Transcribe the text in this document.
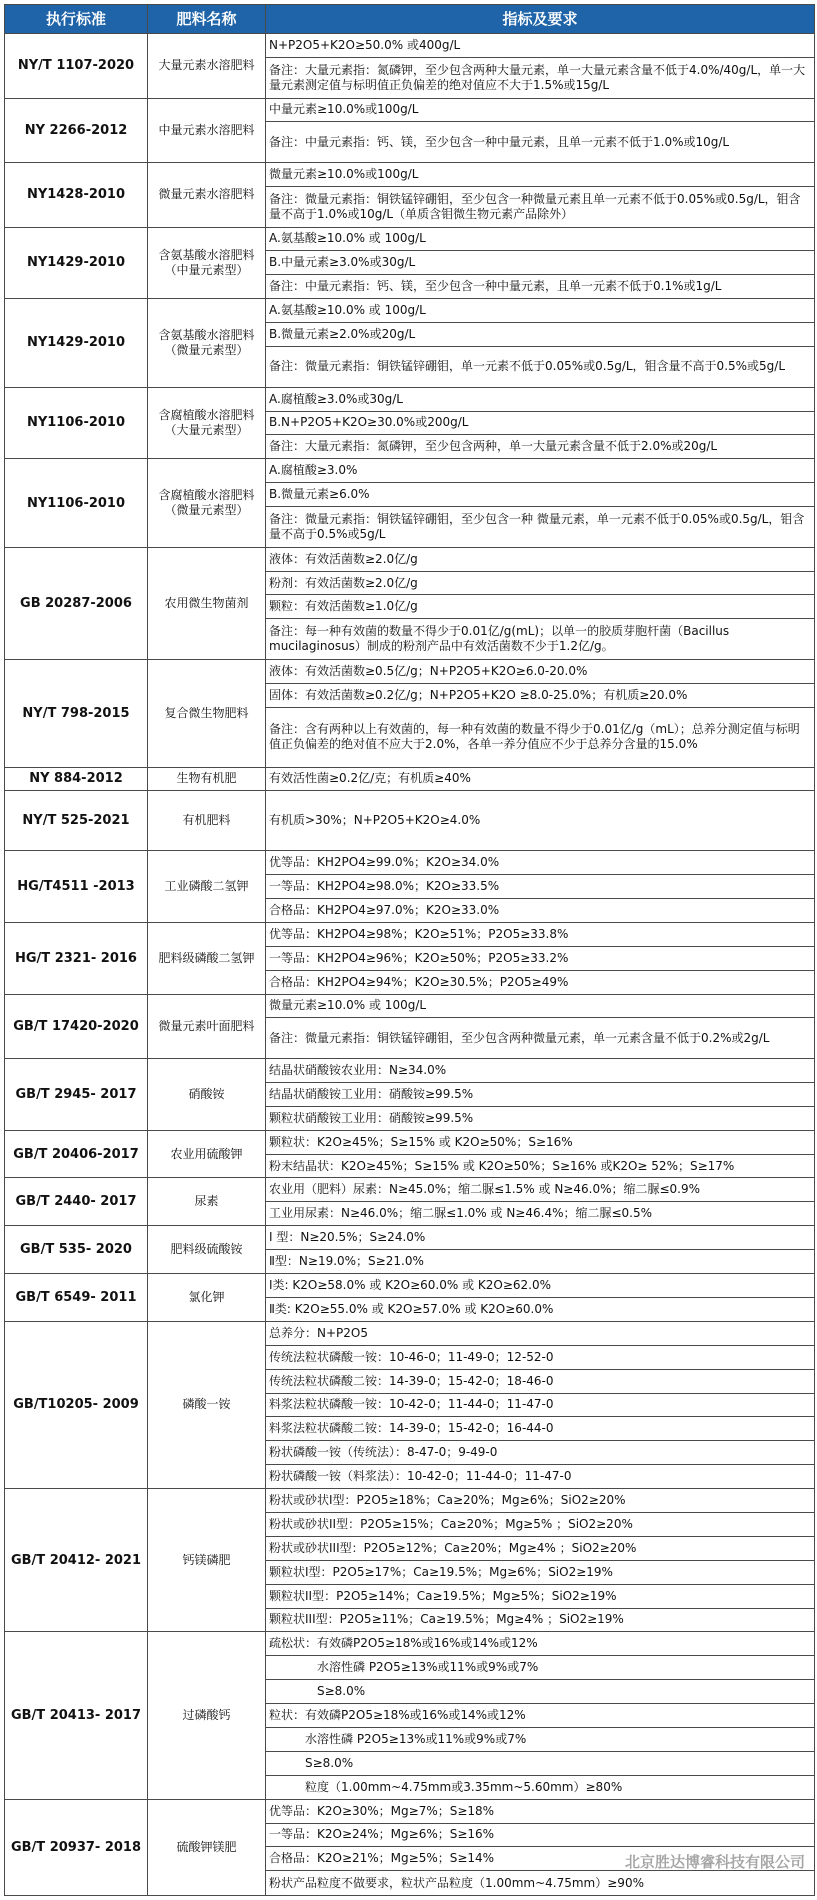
执行标准	肥料名称	指标及要求
NY/T 1107-2020	大量元素水溶肥料	N+P2O5+K2O≥50.0% 或400g/L
		备注：大量元素指：氮磷钾，至少包含两种大量元素，单一大量元素含量不低于4.0%/40g/L，单一大量元素测定值与标明值正负偏差的绝对值应不大于1.5%或15g/L
NY 2266-2012	中量元素水溶肥料	中量元素≥10.0%或100g/L
		备注：中量元素指：钙、镁，至少包含一种中量元素，且单一元素不低于1.0%或10g/L
NY1428-2010	微量元素水溶肥料	微量元素≥10.0%或100g/L
		备注：微量元素指：铜铁锰锌硼钼，至少包含一种微量元素且单一元素不低于0.05%或0.5g/L，钼含量不高于1.0%或10g/L（单质含钼微生物元素产品除外）
NY1429-2010	含氨基酸水溶肥料（中量元素型）	A.氨基酸≥10.0% 或 100g/L
		B.中量元素≥3.0%或30g/L
		备注：中量元素指：钙、镁，至少包含一种中量元素，且单一元素不低于0.1%或1g/L
NY1429-2010	含氨基酸水溶肥料（微量元素型）	A.氨基酸≥10.0% 或 100g/L
		B.微量元素≥2.0%或20g/L
		备注：微量元素指：铜铁锰锌硼钼，单一元素不低于0.05%或0.5g/L，钼含量不高于0.5%或5g/L
NY1106-2010	含腐植酸水溶肥料（大量元素型）	A.腐植酸≥3.0%或30g/L
		B.N+P2O5+K2O≥30.0%或200g/L
		备注：大量元素指：氮磷钾，至少包含两种，单一大量元素含量不低于2.0%或20g/L
NY1106-2010	含腐植酸水溶肥料（微量元素型）	A.腐植酸≥3.0%
		B.微量元素≥6.0%
		备注：微量元素指：铜铁锰锌硼钼，至少包含一种 微量元素，单一元素不低于0.05%或0.5g/L，钼含量不高于0.5%或5g/L
GB 20287-2006	农用微生物菌剂	液体：有效活菌数≥2.0亿/g
		粉剂：有效活菌数≥2.0亿/g
		颗粒：有效活菌数≥1.0亿/g
		备注：每一种有效菌的数量不得少于0.01亿/g(mL)；以单一的胶质芽胞杆菌（Bacillus mucilaginosus）制成的粉剂产品中有效活菌数不少于1.2亿/g。
NY/T 798-2015	复合微生物肥料	液体：有效活菌数≥0.5亿/g；N+P2O5+K2O≥6.0-20.0%
		固体：有效活菌数≥0.2亿/g；N+P2O5+K2O ≥8.0-25.0%；有机质≥20.0%
		备注：含有两种以上有效菌的，每一种有效菌的数量不得少于0.01亿/g（mL）；总养分测定值与标明值正负偏差的绝对值不应大于2.0%，各单一养分值应不少于总养分含量的15.0%
NY 884-2012	生物有机肥	有效活性菌≥0.2亿/克；有机质≥40%
NY/T 525-2021	有机肥料	有机质>30%；N+P2O5+K2O≥4.0%
HG/T4511 -2013	工业磷酸二氢钾	优等品：KH2PO4≥99.0%；K2O≥34.0%
		一等品：KH2PO4≥98.0%；K2O≥33.5%
		合格品：KH2PO4≥97.0%；K2O≥33.0%
HG/T 2321- 2016	肥料级磷酸二氢钾	优等品：KH2PO4≥98%；K2O≥51%；P2O5≥33.8%
		一等品：KH2PO4≥96%；K2O≥50%；P2O5≥33.2%
		合格品：KH2PO4≥94%；K2O≥30.5%；P2O5≥49%
GB/T 17420-2020	微量元素叶面肥料	微量元素≥10.0% 或 100g/L
		备注：微量元素指：铜铁锰锌硼钼，至少包含两种微量元素，单一元素含量不低于0.2%或2g/L
GB/T 2945- 2017	硝酸铵	结晶状硝酸铵农业用：N≥34.0%
		结晶状硝酸铵工业用：硝酸铵≥99.5%
		颗粒状硝酸铵工业用：硝酸铵≥99.5%
GB/T 20406-2017	农业用硫酸钾	颗粒状：K2O≥45%；S≥15% 或 K2O≥50%；S≥16%
		粉末结晶状：K2O≥45%；S≥15% 或 K2O≥50%；S≥16% 或K2O≥ 52%；S≥17%
GB/T 2440- 2017	尿素	农业用（肥料）尿素：N≥45.0%；缩二脲≤1.5% 或 N≥46.0%；缩二脲≤0.9%
		工业用尿素：N≥46.0%；缩二脲≤1.0% 或 N≥46.4%；缩二脲≤0.5%
GB/T 535- 2020	肥料级硫酸铵	I 型：N≥20.5%；S≥24.0%
		Ⅱ型：N≥19.0%；S≥21.0%
GB/T 6549- 2011	氯化钾	I类: K2O≥58.0% 或 K2O≥60.0% 或 K2O≥62.0%
		Ⅱ类: K2O≥55.0% 或 K2O≥57.0% 或 K2O≥60.0%
GB/T10205- 2009	磷酸一铵	总养分：N+P2O5
		传统法粒状磷酸一铵：10-46-0；11-49-0；12-52-0
		传统法粒状磷酸二铵：14-39-0；15-42-0；18-46-0
		料浆法粒状磷酸一铵：10-42-0；11-44-0；11-47-0
		料浆法粒状磷酸二铵：14-39-0；15-42-0；16-44-0
		粉状磷酸一铵（传统法）：8-47-0；9-49-0
		粉状磷酸一铵（料浆法）：10-42-0；11-44-0；11-47-0
GB/T 20412- 2021	钙镁磷肥	粉状或砂状I型：P2O5≥18%；Ca≥20%；Mg≥6%；SiO2≥20%
		粉状或砂状II型：P2O5≥15%；Ca≥20%；Mg≥5% ；SiO2≥20%
		粉状或砂状III型：P2O5≥12%；Ca≥20%；Mg≥4% ；SiO2≥20%
		颗粒状I型：P2O5≥17%；Ca≥19.5%；Mg≥6%；SiO2≥19%
		颗粒状II型：P2O5≥14%；Ca≥19.5%；Mg≥5%；SiO2≥19%
		颗粒状III型：P2O5≥11%；Ca≥19.5%；Mg≥4% ；SiO2≥19%
GB/T 20413- 2017	过磷酸钙	疏松状：有效磷P2O5≥18%或16%或14%或12%
		　　　　水溶性磷 P2O5≥13%或11%或9%或7%
		　　　　S≥8.0%
		粒状：有效磷P2O5≥18%或16%或14%或12%
		　　　水溶性磷 P2O5≥13%或11%或9%或7%
		　　　S≥8.0%
		　　　粒度（1.00mm~4.75mm或3.35mm~5.60mm）≥80%
GB/T 20937- 2018	硫酸钾镁肥	优等品：K2O≥30%；Mg≥7%；S≥18%
		一等品：K2O≥24%；Mg≥6%；S≥16%
		合格品：K2O≥21%；Mg≥5%；S≥14%
		粉状产品粒度不做要求，粒状产品粒度（1.00mm~4.75mm）≥90%
北京胜达博睿科技有限公司
